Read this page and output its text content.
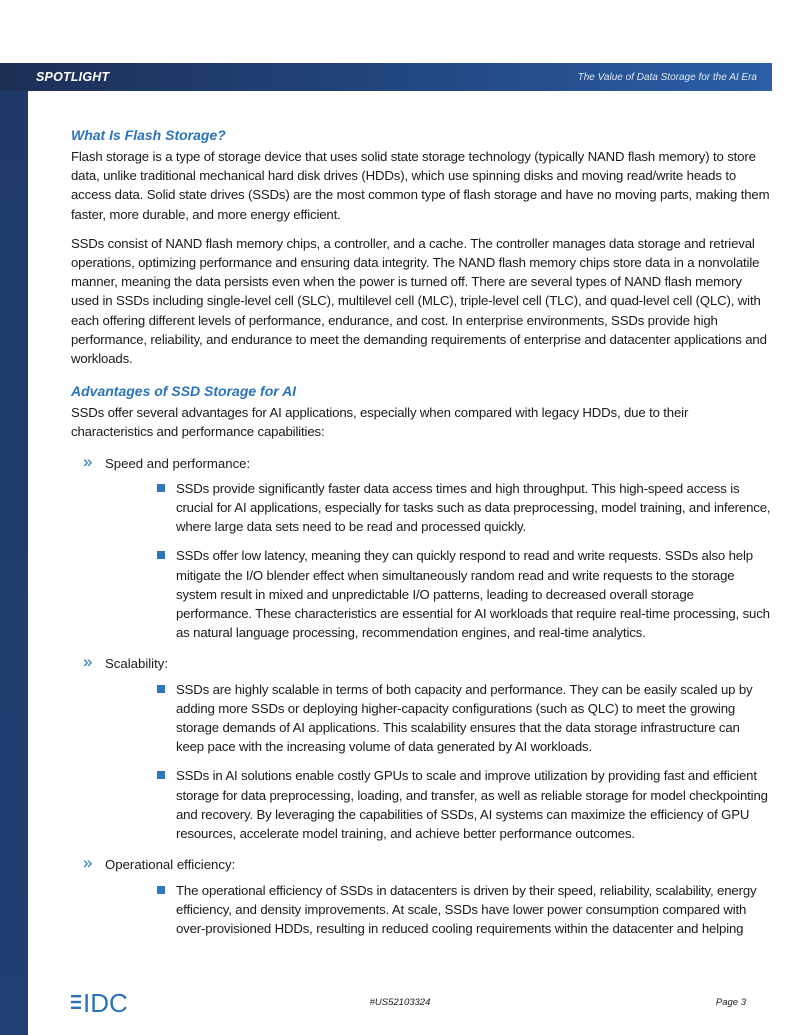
SPOTLIGHT	The Value of Data Storage for the AI Era
What Is Flash Storage?

Flash storage is a type of storage device that uses solid state storage technology (typically NAND flash memory) to store data, unlike traditional mechanical hard disk drives (HDDs), which use spinning disks and moving read/write heads to access data. Solid state drives (SSDs) are the most common type of flash storage and have no moving parts, making them faster, more durable, and more energy efficient.

SSDs consist of NAND flash memory chips, a controller, and a cache. The controller manages data storage and retrieval operations, optimizing performance and ensuring data integrity. The NAND flash memory chips store data in a nonvolatile manner, meaning the data persists even when the power is turned off. There are several types of NAND flash memory used in SSDs including single-level cell (SLC), multilevel cell (MLC), triple-level cell (TLC), and quad-level cell (QLC), with each offering different levels of performance, endurance, and cost. In enterprise environments, SSDs provide high performance, reliability, and endurance to meet the demanding requirements of enterprise and datacenter applications and workloads.

Advantages of SSD Storage for AI

SSDs offer several advantages for AI applications, especially when compared with legacy HDDs, due to their characteristics and performance capabilities:

» Speed and performance:
SSDs provide significantly faster data access times and high throughput. This high-speed access is crucial for AI applications, especially for tasks such as data preprocessing, model training, and inference, where large data sets need to be read and processed quickly.
SSDs offer low latency, meaning they can quickly respond to read and write requests. SSDs also help mitigate the I/O blender effect when simultaneously random read and write requests to the storage system result in mixed and unpredictable I/O patterns, leading to decreased overall storage performance. These characteristics are essential for AI workloads that require real-time processing, such as natural language processing, recommendation engines, and real-time analytics.
» Scalability:
SSDs are highly scalable in terms of both capacity and performance. They can be easily scaled up by adding more SSDs or deploying higher-capacity configurations (such as QLC) to meet the growing storage demands of AI applications. This scalability ensures that the data storage infrastructure can keep pace with the increasing volume of data generated by AI workloads.
SSDs in AI solutions enable costly GPUs to scale and improve utilization by providing fast and efficient storage for data preprocessing, loading, and transfer, as well as reliable storage for model checkpointing and recovery. By leveraging the capabilities of SSDs, AI systems can maximize the efficiency of GPU resources, accelerate model training, and achieve better performance outcomes.
» Operational efficiency:
The operational efficiency of SSDs in datacenters is driven by their speed, reliability, scalability, energy efficiency, and density improvements. At scale, SSDs have lower power consumption compared with over-provisioned HDDs, resulting in reduced cooling requirements within the datacenter and helping
IDC	#US52103324	Page 3
